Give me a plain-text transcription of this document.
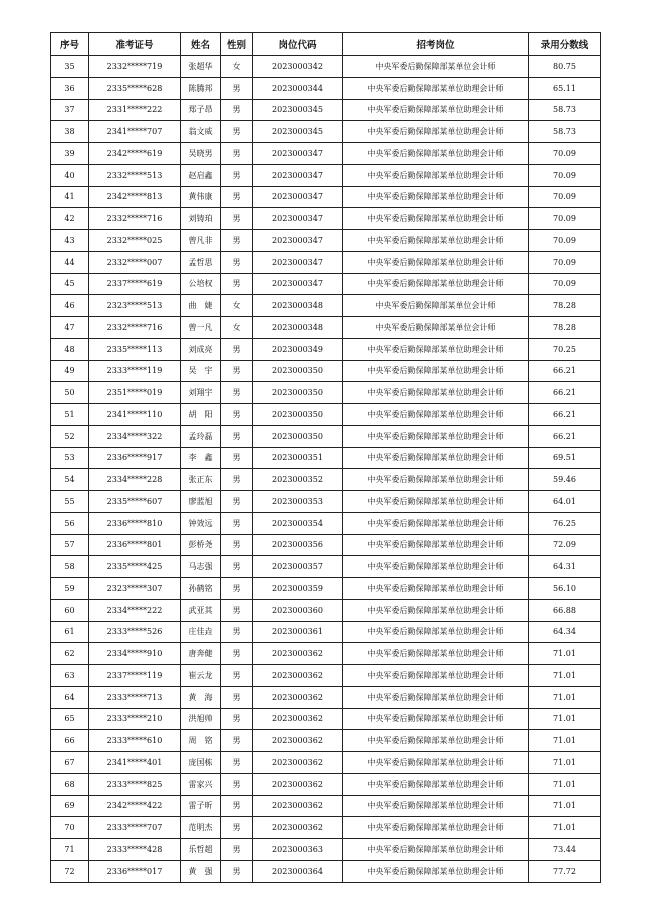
序号	准考证号	姓名	性别	岗位代码	招考岗位	录用分数线
35	2332*****719	张超华	女	2023000342	中央军委后勤保障部某单位会计师	80.75
36	2335*****628	陈腾邦	男	2023000344	中央军委后勤保障部某单位助理会计师	65.11
37	2331*****222	郑子昂	男	2023000345	中央军委后勤保障部某单位助理会计师	58.73
38	2341*****707	翁文威	男	2023000345	中央军委后勤保障部某单位助理会计师	58.73
39	2342*****619	吴晓男	男	2023000347	中央军委后勤保障部某单位助理会计师	70.09
40	2332*****513	赵启鑫	男	2023000347	中央军委后勤保障部某单位助理会计师	70.09
41	2342*****813	黄伟康	男	2023000347	中央军委后勤保障部某单位助理会计师	70.09
42	2332*****716	刘铸珀	男	2023000347	中央军委后勤保障部某单位助理会计师	70.09
43	2332*****025	曾凡非	男	2023000347	中央军委后勤保障部某单位助理会计师	70.09
44	2332*****007	孟哲思	男	2023000347	中央军委后勤保障部某单位助理会计师	70.09
45	2337*****619	公培权	男	2023000347	中央军委后勤保障部某单位助理会计师	70.09
46	2323*****513	曲　婕	女	2023000348	中央军委后勤保障部某单位会计师	78.28
47	2332*****716	曾一凡	女	2023000348	中央军委后勤保障部某单位会计师	78.28
48	2335*****113	刘成亮	男	2023000349	中央军委后勤保障部某单位助理会计师	70.25
49	2333*****119	吴　宇	男	2023000350	中央军委后勤保障部某单位助理会计师	66.21
50	2351*****019	刘翔宇	男	2023000350	中央军委后勤保障部某单位助理会计师	66.21
51	2341*****110	胡　阳	男	2023000350	中央军委后勤保障部某单位助理会计师	66.21
52	2334*****322	孟玲磊	男	2023000350	中央军委后勤保障部某单位助理会计师	66.21
53	2336*****917	李　鑫	男	2023000351	中央军委后勤保障部某单位助理会计师	69.51
54	2334*****228	张正东	男	2023000352	中央军委后勤保障部某单位助理会计师	59.46
55	2335*****607	廖蓝旭	男	2023000353	中央军委后勤保障部某单位助理会计师	64.01
56	2336*****810	钟效远	男	2023000354	中央军委后勤保障部某单位助理会计师	76.25
57	2336*****801	彭桥尧	男	2023000356	中央军委后勤保障部某单位助理会计师	72.09
58	2335*****425	马志强	男	2023000357	中央军委后勤保障部某单位助理会计师	64.31
59	2323*****307	孙鹤铭	男	2023000359	中央军委后勤保障部某单位助理会计师	56.10
60	2334*****222	武亚其	男	2023000360	中央军委后勤保障部某单位助理会计师	66.88
61	2333*****526	庄佳垚	男	2023000361	中央军委后勤保障部某单位助理会计师	64.34
62	2334*****910	唐奔健	男	2023000362	中央军委后勤保障部某单位助理会计师	71.01
63	2337*****119	崔云龙	男	2023000362	中央军委后勤保障部某单位助理会计师	71.01
64	2333*****713	黄　海	男	2023000362	中央军委后勤保障部某单位助理会计师	71.01
65	2333*****210	洪旭帅	男	2023000362	中央军委后勤保障部某单位助理会计师	71.01
66	2333*****610	周　铭	男	2023000362	中央军委后勤保障部某单位助理会计师	71.01
67	2341*****401	庞国栋	男	2023000362	中央军委后勤保障部某单位助理会计师	71.01
68	2333*****825	雷家兴	男	2023000362	中央军委后勤保障部某单位助理会计师	71.01
69	2342*****422	雷子昕	男	2023000362	中央军委后勤保障部某单位助理会计师	71.01
70	2333*****707	范明杰	男	2023000362	中央军委后勤保障部某单位助理会计师	71.01
71	2333*****428	乐哲超	男	2023000363	中央军委后勤保障部某单位助理会计师	73.44
72	2336*****017	黄　强	男	2023000364	中央军委后勤保障部某单位助理会计师	77.72
